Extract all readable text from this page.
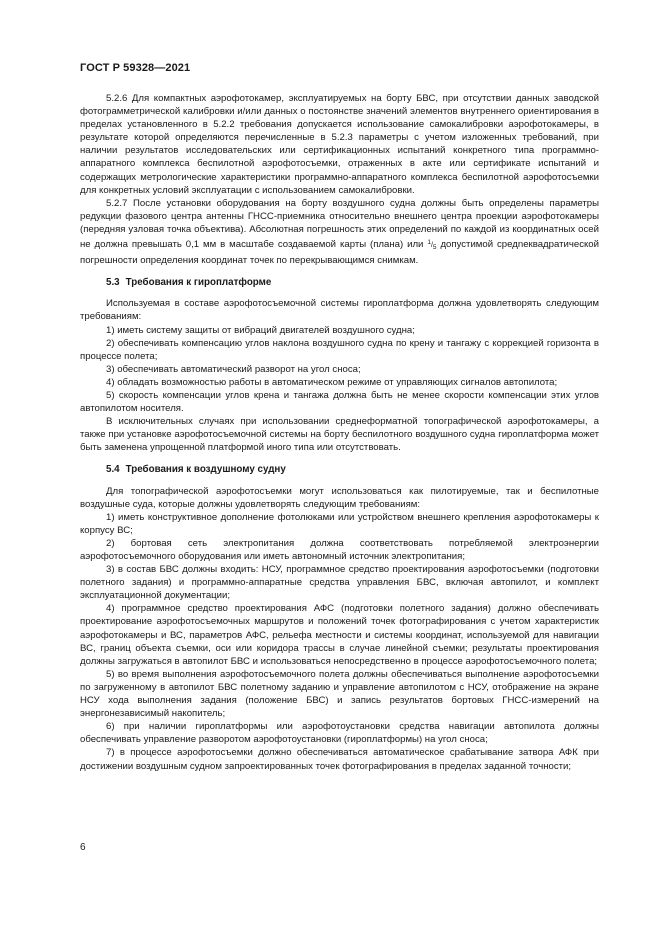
ГОСТ Р 59328—2021

5.2.6 Для компактных аэрофотокамер, эксплуатируемых на борту БВС, при отсутствии данных заводской фотограмметрической калибровки и/или данных о постоянстве значений элементов внутреннего ориентирования в пределах установленного в 5.2.2 требования допускается использование самокалибровки аэрофотокамеры, в результате которой определяются перечисленные в 5.2.3 параметры с учетом изложенных требований, при наличии результатов исследовательских или сертификационных испытаний конкретного типа программно-аппаратного комплекса беспилотной аэрофотосъемки, отраженных в акте или сертификате испытаний и содержащих метрологические характеристики программно-аппаратного комплекса беспилотной аэрофотосъемки для конкретных условий эксплуатации с использованием самокалибровки.

5.2.7 После установки оборудования на борту воздушного судна должны быть определены параметры редукции фазового центра антенны ГНСС-приемника относительно внешнего центра проекции аэрофотокамеры (передняя узловая точка объектива). Абсолютная погрешность этих определений по каждой из координатных осей не должна превышать 0,1 мм в масштабе создаваемой карты (плана) или $^1/_5$ допустимой средneквадратической погрешности определения координат точек по перекрывающимся снимкам.

5.3 Требования к гироплатформе

Используемая в составе аэрофотосъемочной системы гироплатформа должна удовлетворять следующим требованиям:

1) иметь систему защиты от вибраций двигателей воздушного судна;

2) обеспечивать компенсацию углов наклона воздушного судна по крену и тангажу с коррекцией горизонта в процессе полета;

3) обеспечивать автоматический разворот на угол сноса;

4) обладать возможностью работы в автоматическом режиме от управляющих сигналов автопилота;

5) скорость компенсации углов крена и тангажа должна быть не менее скорости компенсации этих углов автопилотом носителя.

В исключительных случаях при использовании среднеформатной топографической аэрофотокамеры, а также при установке аэрофотосъемочной системы на борту беспилотного воздушного судна гироплатформа может быть заменена упрощенной платформой иного типа или отсутствовать.

5.4 Требования к воздушному судну

Для топографической аэрофотосъемки могут использоваться как пилотируемые, так и беспилотные воздушные суда, которые должны удовлетворять следующим требованиям:

1) иметь конструктивное дополнение фотолюками или устройством внешнего крепления аэрофотокамеры к корпусу ВС;

2) бортовая сеть электропитания должна соответствовать потребляемой электроэнергии аэрофотосъемочного оборудования или иметь автономный источник электропитания;

3) в состав БВС должны входить: НСУ, программное средство проектирования аэрофотосъемки (подготовки полетного задания) и программно-аппаратные средства управления БВС, включая автопилот, и комплект эксплуатационной документации;

4) программное средство проектирования АФС (подготовки полетного задания) должно обеспечивать проектирование аэрофотосъемочных маршрутов и положений точек фотографирования с учетом характеристик аэрофотокамеры и ВС, параметров АФС, рельефа местности и системы координат, используемой для навигации ВС, границ объекта съемки, оси или коридора трассы в случае линейной съемки; результаты проектирования должны загружаться в автопилот БВС и использоваться непосредственно в процессе аэрофотосъемочного полета;

5) во время выполнения аэрофотосъемочного полета должны обеспечиваться выполнение аэрофотосъемки по загруженному в автопилот БВС полетному заданию и управление автопилотом с НСУ, отображение на экране НСУ хода выполнения задания (положение БВС) и запись результатов бортовых ГНСС-измерений на энергонезависимый накопитель;

6) при наличии гироплатформы или аэрофотоустановки средства навигации автопилота должны обеспечивать управление разворотом аэрофотоустановки (гироплатформы) на угол сноса;

7) в процессе аэрофотосъемки должно обеспечиваться автоматическое срабатывание затвора АФК при достижении воздушным судном запроектированных точек фотографирования в пределах заданной точности;

6
